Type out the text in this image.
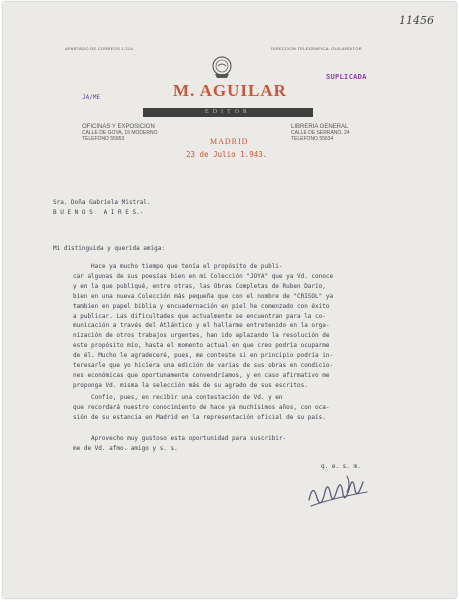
11456
APARTADO DE CORREOS 1.214	DIRECCION TELEGRAFICA: GUILARDITOR
SUPLICADA
M. AGUILAR
JA/ME
EDITOR
OFICINAS Y EXPOSICION
CALLE DE GOYA, 15 MODERNO
TELEFONO 55953	MADRID
LIBRERIA GENERAL
CALLE DE SERRANO, 24
TELEFONO 55634
23 de Julio 1.943.
Sra. Doña Gabriela Mistral.
B U E N O S   A I R E S.-
Mi distinguida y querida amiga:

Hace ya mucho tiempo que tenía el propósito de publi-

car algunas de sus poesías bien en mi Colección "JOYA" que ya Vd. conoce

y en la que publiqué, entre otras, las Obras Completas de Ruben Darío,

bien en una nueva Colección más pequeña que con el nombre de "CRISOL" ya

tambien en papel biblia y encuadernación en piel he comenzado con éxito

a publicar. Las dificultades que actualmente se encuentran para la co-

municación a través del Atlántico y el hallarme entretenido en la orga-

nización de otros trabajos urgentes, han ido aplazando la resolución de

este propósito mío, hasta el momento actual en que creo podría ocuparme

de él. Mucho le agradeceré, pues, me conteste si en principio podría in-

teresarle que yo hiciera una edición de varias de sus obras en condicio-

nes económicas que oportunamente convendríamos, y en caso afirmativo me

proponga Vd. misma la selección más de su agrado de sus escritos.

Confío, pues, en recibir una contestación de Vd. y en

que recordará nuestro conocimiento de hace ya muchísimos años, con oca-

sión de su estancia en Madrid en la representación oficial de su país.

Aprovecho muy gustoso esta oportunidad para suscribir-

me de Vd. afmo. amigo y s. s.

q. e. s. m.
